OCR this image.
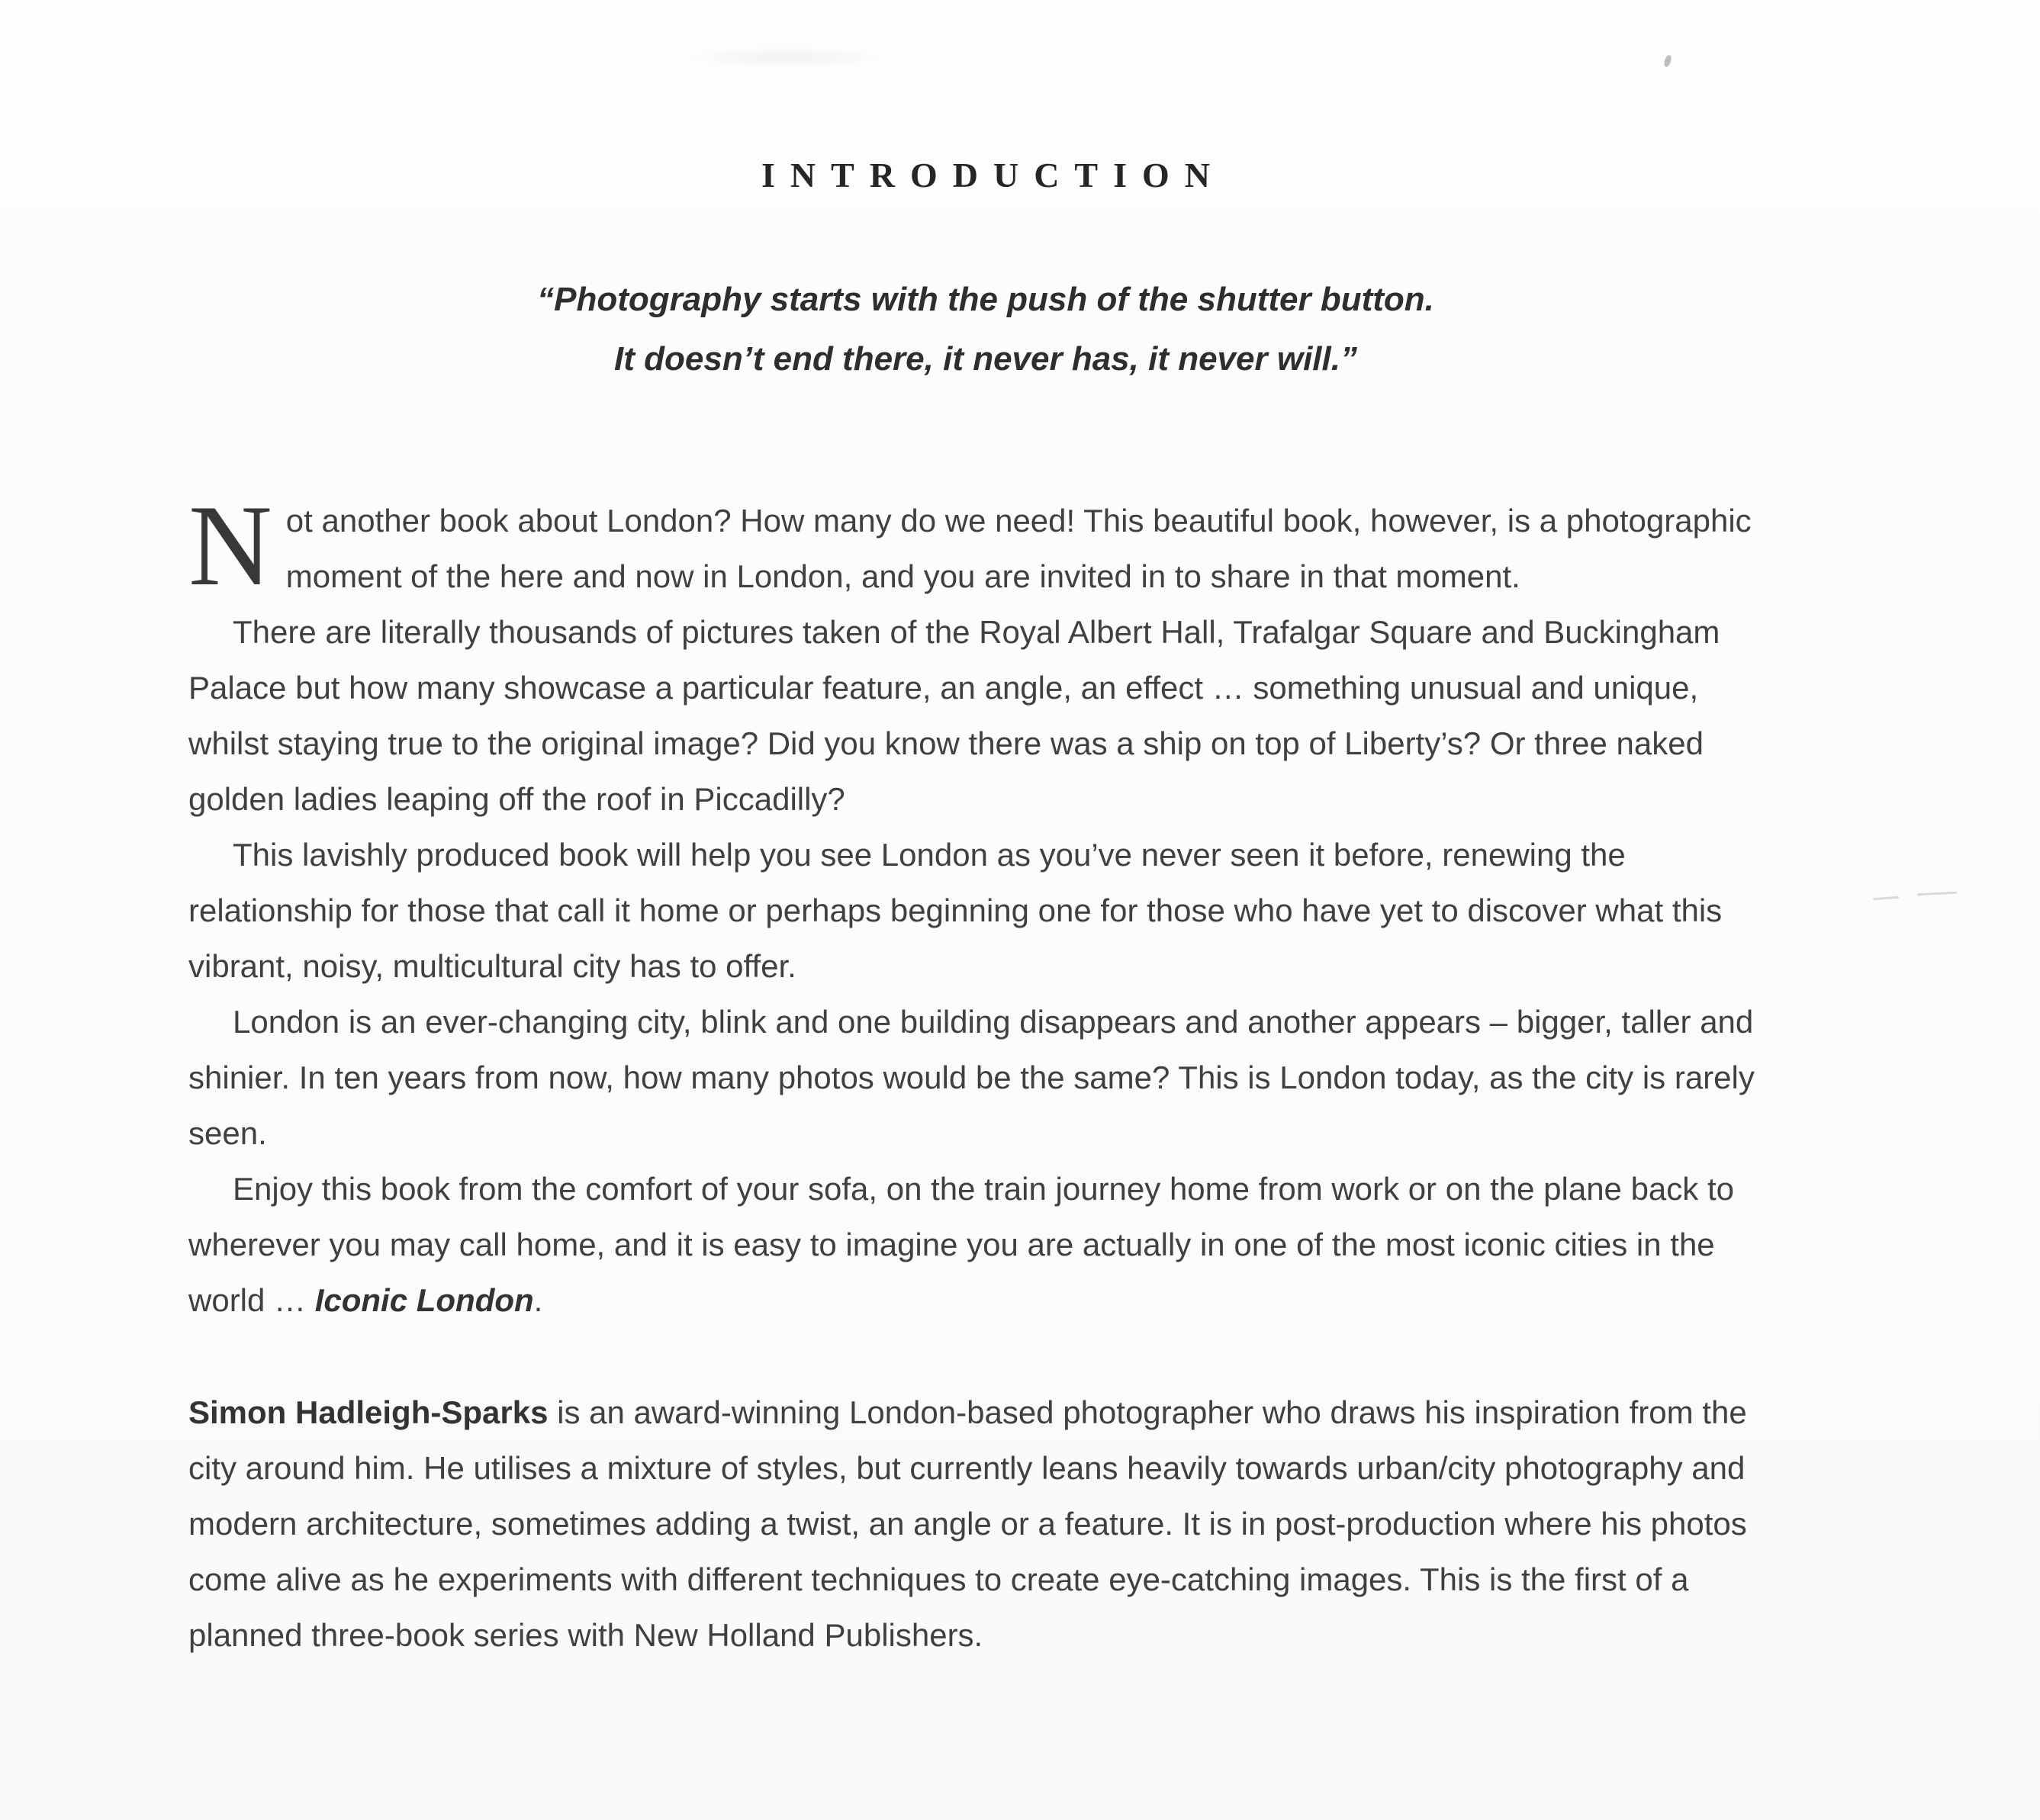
INTRODUCTION
“Photography starts with the push of the shutter button.
It doesn’t end there, it never has, it never will.”

Not another book about London? How many do we need! This beautiful book, however, is a photographic moment of the here and now in London, and you are invited in to share in that moment.

There are literally thousands of pictures taken of the Royal Albert Hall, Trafalgar Square and Buckingham Palace but how many showcase a particular feature, an angle, an effect … something unusual and unique, whilst staying true to the original image? Did you know there was a ship on top of Liberty’s? Or three naked golden ladies leaping off the roof in Piccadilly?

This lavishly produced book will help you see London as you’ve never seen it before, renewing the relationship for those that call it home or perhaps beginning one for those who have yet to discover what this vibrant, noisy, multicultural city has to offer.

London is an ever-changing city, blink and one building disappears and another appears – bigger, taller and shinier. In ten years from now, how many photos would be the same? This is London today, as the city is rarely seen.

Enjoy this book from the comfort of your sofa, on the train journey home from work or on the plane back to wherever you may call home, and it is easy to imagine you are actually in one of the most iconic cities in the world … Iconic London.

Simon Hadleigh-Sparks is an award-winning London-based photographer who draws his inspiration from the city around him. He utilises a mixture of styles, but currently leans heavily towards urban/city photography and modern architecture, sometimes adding a twist, an angle or a feature. It is in post-production where his photos come alive as he experiments with different techniques to create eye-catching images. This is the first of a planned three-book series with New Holland Publishers.
